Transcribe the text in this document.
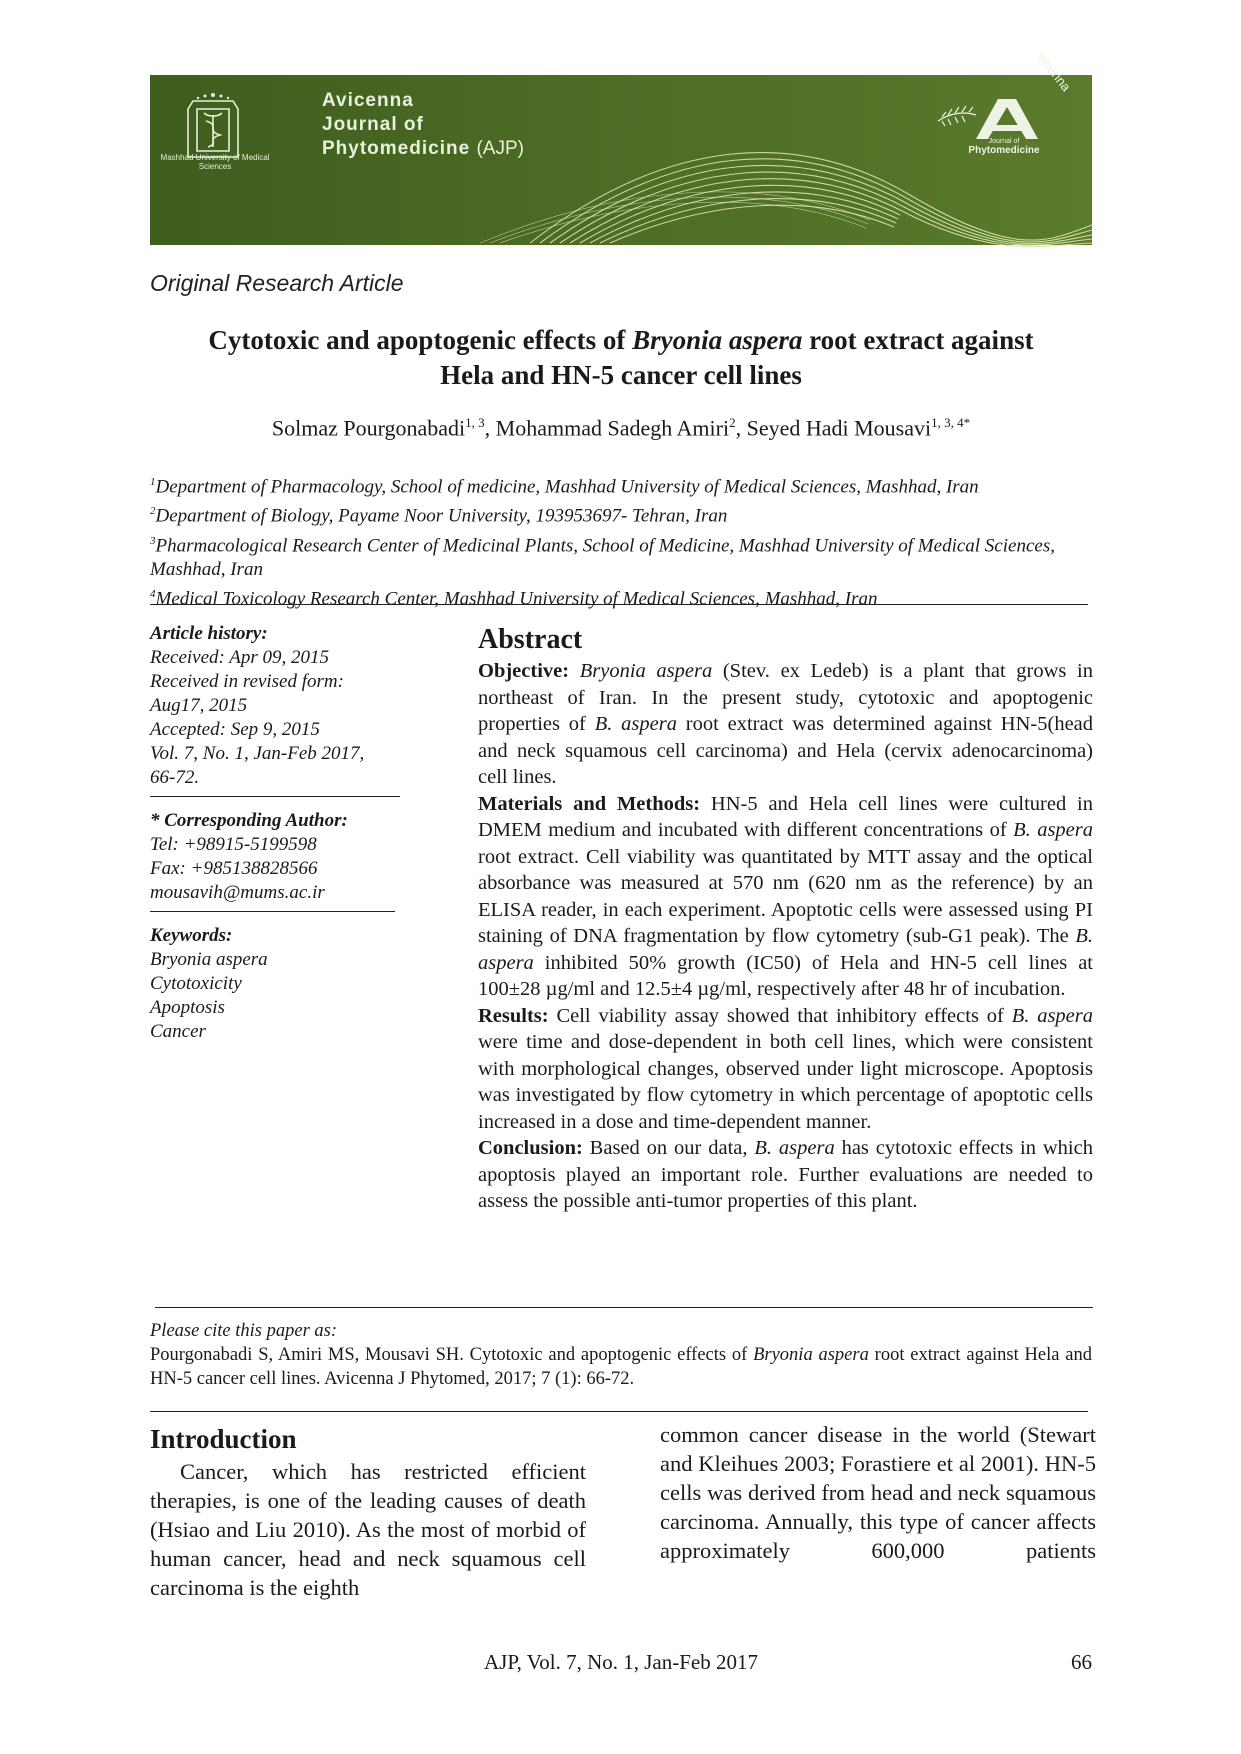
Mashhad University of Medical Sciences
Avicenna
Journal of
Phytomedicine (AJP)
vicenna
Journal of
Phytomedicine
Original Research Article
Cytotoxic and apoptogenic effects of Bryonia aspera root extract against
Hela and HN-5 cancer cell lines
Solmaz Pourgonabadi$^{1, 3}$, Mohammad Sadegh Amiri$^2$, Seyed Hadi Mousavi$^{1, 3, 4*}$
$^1$Department of Pharmacology, School of medicine, Mashhad University of Medical Sciences, Mashhad, Iran
$^2$Department of Biology, Payame Noor University, 193953697- Tehran, Iran
$^3$Pharmacological Research Center of Medicinal Plants, School of Medicine, Mashhad University of Medical Sciences, Mashhad, Iran
$^4$Medical Toxicology Research Center, Mashhad University of Medical Sciences, Mashhad, Iran
Article history:
Received: Apr 09, 2015
Received in revised form:
Aug17, 2015
Accepted: Sep 9, 2015
Vol. 7, No. 1, Jan-Feb 2017,
66-72.
* Corresponding Author:
Tel: +98915-5199598
Fax: +985138828566
mousavih@mums.ac.ir
Keywords:
Bryonia aspera
Cytotoxicity
Apoptosis
Cancer
Abstract

Objective: Bryonia aspera (Stev. ex Ledeb) is a plant that grows in northeast of Iran. In the present study, cytotoxic and apoptogenic properties of B. aspera root extract was determined against HN-5(head and neck squamous cell carcinoma) and Hela (cervix adenocarcinoma) cell lines.

Materials and Methods: HN-5 and Hela cell lines were cultured in DMEM medium and incubated with different concentrations of B. aspera root extract. Cell viability was quantitated by MTT assay and the optical absorbance was measured at 570 nm (620 nm as the reference) by an ELISA reader, in each experiment. Apoptotic cells were assessed using PI staining of DNA fragmentation by flow cytometry (sub-G1 peak). The B. aspera inhibited 50% growth (IC50) of Hela and HN-5 cell lines at 100±28 µg/ml and 12.5±4 µg/ml, respectively after 48 hr of incubation.

Results: Cell viability assay showed that inhibitory effects of B. aspera were time and dose-dependent in both cell lines, which were consistent with morphological changes, observed under light microscope. Apoptosis was investigated by flow cytometry in which percentage of apoptotic cells increased in a dose and time-dependent manner.

Conclusion: Based on our data, B. aspera has cytotoxic effects in which apoptosis played an important role. Further evaluations are needed to assess the possible anti-tumor properties of this plant.

Please cite this paper as:
Pourgonabadi S, Amiri MS, Mousavi SH. Cytotoxic and apoptogenic effects of Bryonia aspera root extract against Hela and HN-5 cancer cell lines. Avicenna J Phytomed, 2017; 7 (1): 66-72.
Introduction

Cancer, which has restricted efficient therapies, is one of the leading causes of death (Hsiao and Liu 2010). As the most of morbid of human cancer, head and neck squamous cell carcinoma is the eighth

common cancer disease in the world (Stewart and Kleihues 2003; Forastiere et al 2001). HN-5 cells was derived from head and neck squamous carcinoma. Annually, this type of cancer affects approximately 600,000 patients
AJP, Vol. 7, No. 1, Jan-Feb 2017	66
